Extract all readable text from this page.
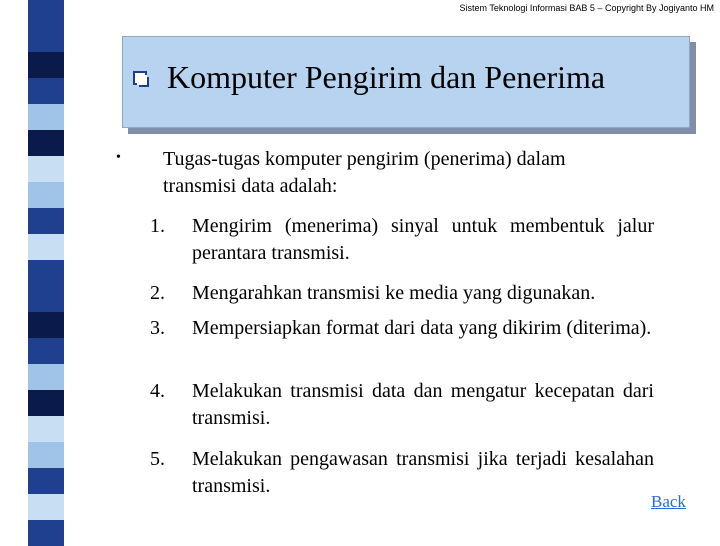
Sistem Teknologi Informasi BAB 5 – Copyright By Jogiyanto HM
Komputer Pengirim dan Penerima
• Tugas-tugas komputer pengirim (penerima) dalam transmisi data adalah:
1.	Mengirim (menerima) sinyal untuk membentuk jalur perantara transmisi.
2.	Mengarahkan transmisi ke media yang digunakan.
3.	Mempersiapkan format dari data yang dikirim (diterima).
4.	Melakukan transmisi data dan mengatur kecepatan dari transmisi.
5.	Melakukan pengawasan transmisi jika terjadi kesalahan transmisi.
Back
